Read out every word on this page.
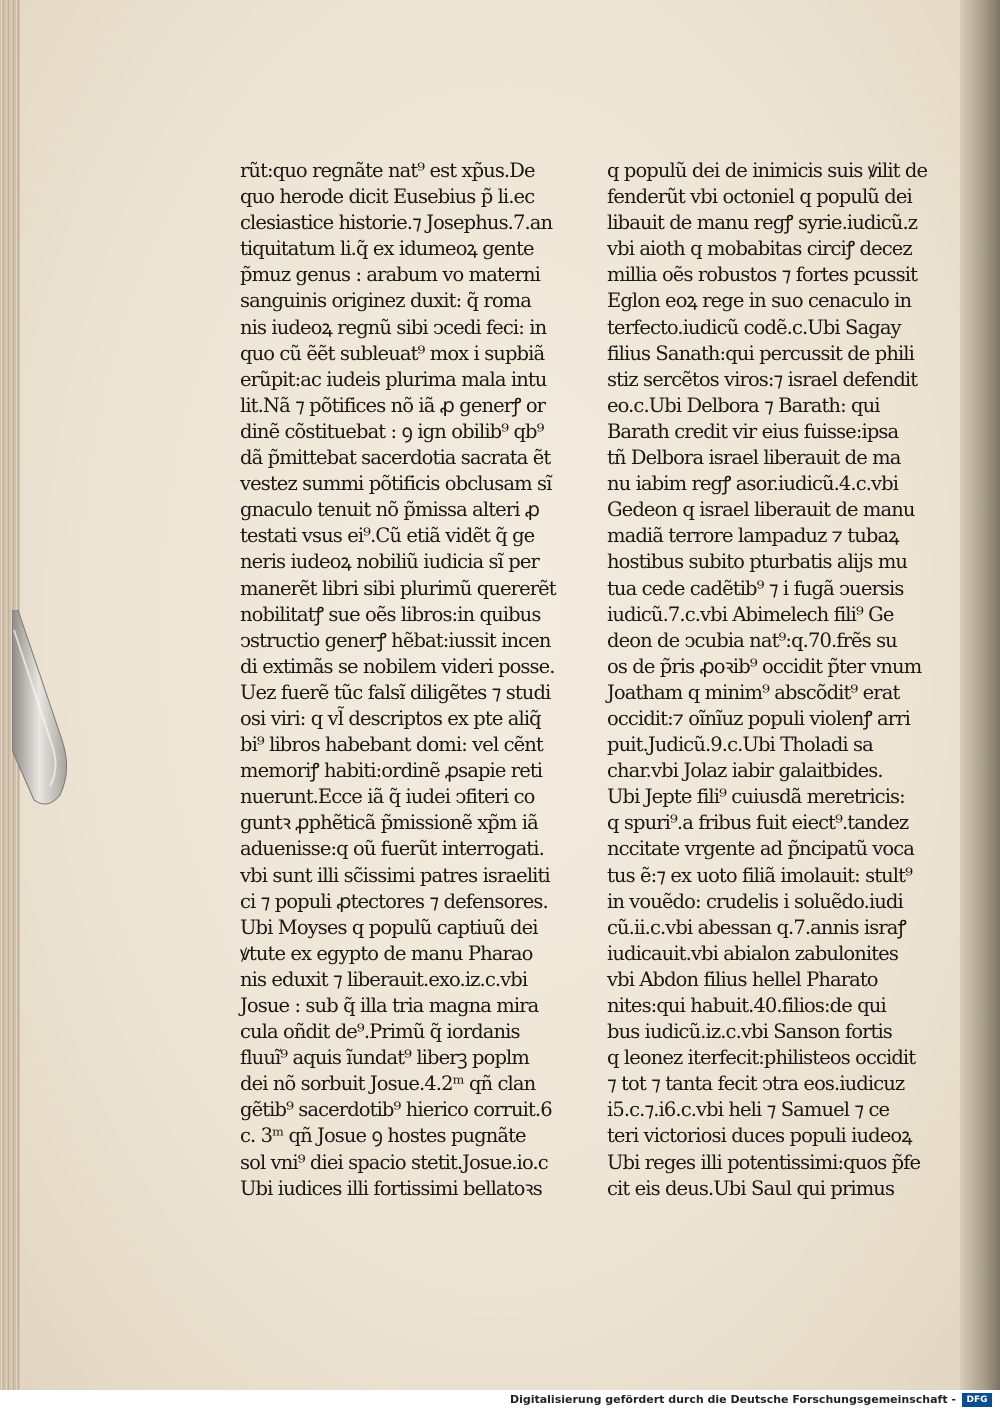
rũt:quo regnãte nat⁹ est xp̃us.De
quo herode dicit Eusebius p̃ li.ec
clesiastice historie.⁊ Josephus.7.an
tiquitatum li.q̃ ex idumeoꝝ gente
p̃muz genus : arabum vo materni
sanguinis originez duxit: q̃ roma
nis iudeoꝝ regnũ sibi ↄcedi feci: in
quo cũ ẽẽt subleuat⁹ mox i supbiã
erũpit:ac iudeis plurima mala intu
lit.Nã ⁊ põtifices nõ iã ꝓ generꝭ or
dinẽ cõstituebat : ꝯ ign obilib⁹ qb⁹
dã p̃mittebat sacerdotia sacrata ẽt
vestez summi põtificis obclusam sĩ
gnaculo tenuit nõ p̃missa alteri ꝓ
testati vsus ei⁹.Cũ etiã vidẽt q̃ ge
neris iudeoꝝ nobiliũ iudicia sĩ per
manerẽt libri sibi plurimũ quererẽt
nobilitatꝭ sue oẽs libros:in quibus
ↄstructio generꝭ hẽbat:iussit incen
di extimãs se nobilem videri posse.
Uez fuerẽ tũc falsĩ diligẽtes ⁊ studi
osi viri: q vl̃ descriptos ex pte aliq̃
bi⁹ libros habebant domi: vel cẽnt
memoriꝭ habiti:ordinẽ ꝓsapie reti
nuerunt.Ecce iã q̃ iudei ↄfiteri co
guntꝛ ꝓphẽticã p̃missionẽ xp̃m iã
aduenisse:q oũ fuerũt interrogati.
vbi sunt illi sc̃issimi patres israeliti
ci ⁊ populi ꝓtectores ⁊ defensores.
Ubi Moyses q populũ captiuũ dei
ꝟtute ex egypto de manu Pharao
nis eduxit ⁊ liberauit.exo.iz.c.vbi
Josue : sub q̃ illa tria magna mira
cula oñdit de⁹.Primũ q̃ iordanis
fluuĩ⁹ aquis ĩundat⁹ liberꝫ poplm
dei nõ sorbuit Josue.4.2ᵐ qñ clan
gẽtib⁹ sacerdotib⁹ hierico corruit.6
c. 3ᵐ qñ Josue ꝯ hostes pugnãte
sol vni⁹ diei spacio stetit.Josue.io.c
Ubi iudices illi fortissimi bellatoꝛs
q populũ dei de inimicis suis ꝟilit de
fenderũt vbi octoniel q populũ dei
libauit de manu regꝭ syrie.iudicũ.z
vbi aioth q mobabitas circiꝭ decez
millia oẽs robustos ⁊ fortes pcussit
Eglon eoꝝ rege in suo cenaculo in
terfecto.iudicũ codẽ.c.Ubi Sagay
filius Sanath:qui percussit de phili
stiz sercẽtos viros:⁊ israel defendit
eo.c.Ubi Delbora ⁊ Barath: qui
Barath credit vir eius fuisse:ipsa
tñ Delbora israel liberauit de ma
nu iabim regꝭ asor.iudicũ.4.c.vbi
Gedeon q israel liberauit de manu
madiã terrore lampaduz ⁊ tubaꝝ
hostibus subito pturbatis alijs mu
tua cede cadẽtib⁹ ⁊ i fugã ↄuersis
iudicũ.7.c.vbi Abimelech fili⁹ Ge
deon de ↄcubia nat⁹:q.70.frẽs su
os de p̃ris ꝓoꝛib⁹ occidit p̃ter vnum
Joatham q minim⁹ abscõdit⁹ erat
occidit:⁊ oĩnĩuz populi violenꝭ arri
puit.Judicũ.9.c.Ubi Tholadi sa
char.vbi Jolaz iabir galaitbides.
Ubi Jepte fili⁹ cuiusdã meretricis:
q spuri⁹.a fribus fuit eiect⁹.tandez
nccitate vrgente ad p̃ncipatũ voca
tus ẽ:⁊ ex uoto filiã imolauit: stult⁹
in vouẽdo: crudelis i soluẽdo.iudi
cũ.ii.c.vbi abessan q.7.annis israꝭ
iudicauit.vbi abialon zabulonites
vbi Abdon filius hellel Pharato
nites:qui habuit.40.filios:de qui
bus iudicũ.iz.c.vbi Sanson fortis
q leonez iterfecit:philisteos occidit
⁊ tot ⁊ tanta fecit ↄtra eos.iudicuz
i5.c.⁊.i6.c.vbi heli ⁊ Samuel ⁊ ce
teri victoriosi duces populi iudeoꝝ
Ubi reges illi potentissimi:quos p̃fe
cit eis deus.Ubi Saul qui primus
Digitalisierung gefördert durch die Deutsche Forschungsgemeinschaft -	DFG
